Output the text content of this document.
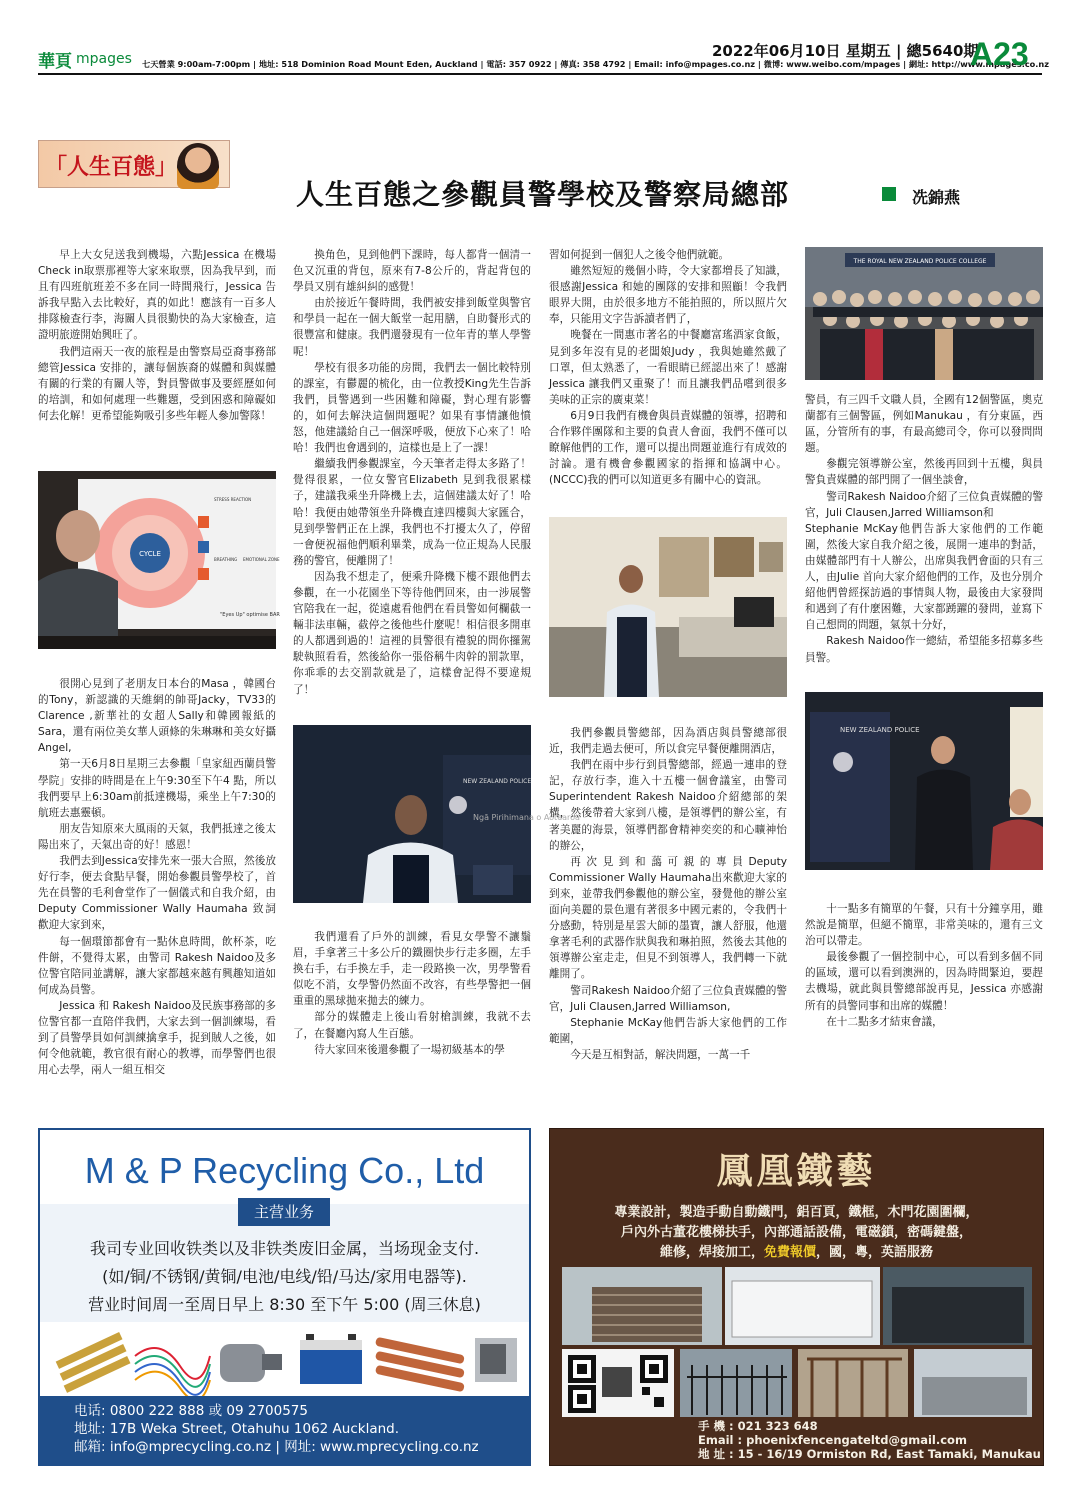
華頁 mpages 七天營業 9:00am-7:00pm | 地址: 518 Dominion Road Mount Eden, Auckland | 電話: 357 0922 | 傳真: 358 4792 | Email: info@mpages.co.nz | 微博: www.weibo.com/mpages | 網址: http://www.mpages.co.nz
2022年06月10日 星期五 | 總5640期
A23
「人生百態」
人生百態之參觀員警學校及警察局總部	冼錦燕

早上大女兒送我到機場，六點Jessica 在機場Check in取票那裡等大家來取票，因為我早到，而且有四班航班差不多在同一時間飛行，Jessica 告訴我早點入去比較好，真的如此！應該有一百多人排隊檢查行李，海關人員很勤快的為大家檢查，這證明旅遊開始興旺了。

我們這兩天一夜的旅程是由警察局亞裔事務部總管Jessica 安排的，讓每個族裔的媒體和與媒體有關的行業的有關人等，對員警做事及要經歷如何的培訓，和如何處理一些難題，受到困惑和障礙如何去化解！更希望能夠吸引多些年輕人參加警隊！

CYCLE
STRESS REACTION
BREATHING EMOTIONAL ZONE
"Eyes Up" optimise BAR

很開心見到了老朋友日本台的Masa ，韓國台的Tony，新認識的天維網的帥哥Jacky，TV33的Clarence ,新華社的女超人Sally和韓國報紙的Sara，還有兩位美女華人頭條的朱琳琳和美女好攝Angel,

第一天6月8日星期三去參觀「皇家紐西蘭員警學院」安排的時間是在上午9:30至下午4 點，所以我們要早上6:30am前抵達機場，乘坐上午7:30的航班去惠靈頓。

朋友告知原來大風雨的天氣，我們抵達之後太陽出來了，天氣出奇的好！感恩！

我們去到Jessica安排先來一張大合照，然後放好行李，便去食點早餐，開始參觀員警學校了，首先在員警的毛利會堂作了一個儀式和自我介紹，由Deputy Commissioner Wally Haumaha 致詞歡迎大家到來，

每一個環節都會有一點休息時間，飲杯茶，吃件餅，不覺得太累，由警司 Rakesh Naidoo及多位警官陪同並講解，讓大家都越來越有興趣知道如何成為員警。

Jessica 和 Rakesh Naidoo及民族事務部的多位警官都一直陪伴我們，大家去到一個訓練場，看到了員警學員如何訓練擒拿手，捉到賊人之後，如何令他就範，教官很有耐心的教導，而學警們也很用心去學，兩人一組互相交

換角色，見到他們下課時，每人都背一個清一色又沉重的背包，原來有7-8公斤的，背起背包的學員又別有雄糾糾的感覺！

由於接近午餐時間，我們被安排到飯堂與警官和學員一起在一個大飯堂一起用膳，自助餐形式的很豐富和健康。我們還發現有一位年青的華人學警呢！

學校有很多功能的房間，我們去一個比較特別的課室，有鬱麗的梳化，由一位教授King先生告訴我們，員警遇到一些困難和障礙，對心理有影響的，如何去解決這個問題呢？如果有事情讓他憤怒，他建議給自己一個深呼吸，便放下心來了！哈哈！我們也會遇到的，這樣也是上了一課！

繼續我們參觀課室，今天筆者走得太多路了！覺得很累，一位女警官Elizabeth 見到我很累樣子，建議我乘坐升降機上去，這個建議太好了！哈哈！我便由她帶領坐升降機直達四樓與大家匯合，見到學警們正在上課，我們也不打擾太久了，停留一會便祝福他們順利畢業，成為一位正規為人民服務的警官，便離開了！

因為我不想走了，便乘升降機下樓不跟他們去參觀，在一小花園坐下等待他們回來，由一涉展警官陪我在一起，從遠處看他們在看員警如何欄截一輛非法車輛，截停之後他些什麼呢！相信很多開車的人都遇到過的！這裡的員警很有禮貌的問你攞駕駛執照看看，然後給你一張俗稱牛肉幹的罰款單，你乖乖的去交罰款就是了，這樣會記得不要違規了！

NEW ZEALAND POLICE
Ngā Pirihimana o Aotearoa

我們還看了戶外的訓練，看見女學警不讓鬚眉，手拿著三十多公斤的鐵圈快步行走多圈，左手換右手，右手換左手，走一段路換一次，男學警看似吃不消，女學警仍然面不改容，有些學警把一個重重的黑球拋來拋去的練力。

部分的媒體走上後山看射槍訓練，我就不去了，在餐廳內寫人生百態。

待大家回來後還參觀了一場初級基本的學

習如何捉到一個犯人之後令他們就範。

雖然短短的幾個小時，令大家都増長了知識，很感謝Jessica 和她的團隊的安排和照顧！令我們眼界大開，由於很多地方不能拍照的，所以照片欠奉，只能用文字告訴讀者們了，

晚餐在一間惠市著名的中餐廳富瑤酒家食飯，見到多年沒有見的老闆娘Judy ，我與她雖然戴了口罩，但太熟悉了，一看眼睛已經認出來了！感謝Jessica 讓我們又重聚了！而且讓我們品嚐到很多美味的正宗的廣東菜！

6月9日我們有機會與員責媒體的領導，招聘和合作夥伴團隊和主要的負責人會面，我們不僅可以瞭解他們的工作，還可以提出問題並進行有成效的討論。還有機會參觀國家的指揮和協調中心。(NCCC)我的們可以知道更多有關中心的資訊。

我們參觀員警總部，因為酒店與員警總部很近，我們走過去便可，所以食完早餐便離開酒店，

我們在雨中步行到員警總部，經過一連串的登記，存放行李，進入十五樓一個會議室，由警司Superintendent Rakesh Naidoo介紹總部的架構，然後帶着大家到八樓，是領導們的辦公室，有著美麗的海景，領導們都會精神奕奕的和心曠神怡的辦公，

再次見到和藹可親的專員Deputy Commissioner Wally Haumaha出來歡迎大家的到來，並帶我們參觀他的辦公室，發覺他的辦公室面向美麗的景色還有著很多中國元素的，令我們十分感動，特別是星雲大師的墨寶，讓人舒服，他還拿著毛利的武器作狀與我和琳拍照，然後去其他的領導辦公室走走，但見不到領導人，我們轉一下就離開了。

警司Rakesh Naidoo介紹了三位負責媒體的警官，Juli Clausen,Jarred Williamson,

Stephanie McKay他們告訴大家他們的工作範圍，

今天是互相對話，解決問題，一萬一千

THE ROYAL NEW ZEALAND POLICE COLLEGE

警員，有三四千文職人員，全國有12個警區，奧克蘭都有三個警區，例如Manukau ，有分東區，西區，分管所有的事，有最高總司令，你可以發問問題。

參觀完領導辦公室，然後再回到十五樓，與員警負責媒體的部門開了一個坐談會，

警司Rakesh Naidoo介紹了三位負責媒體的警官，Juli Clausen,Jarred Williamson和

Stephanie McKay他們告訴大家他們的工作範圍，然後大家自我介紹之後，展開一連串的對話，由媒體部門有十人辦公，出席與我們會面的只有三人，由Julie 首向大家介紹他們的工作，及也分別介紹他們曾經探訪過的事情與人物，最後由大家發問和遇到了有什麼困難，大家都踴躍的發問，並寫下自己想問的問題，氣氛十分好，

Rakesh Naidoo作一總結，希望能多招募多些員警。

NEW ZEALAND POLICE

十一點多有簡單的午餐，只有十分鐘享用，雖然說是簡單，但絕不簡單，非常美味的，還有三文治可以帶走。

最後參觀了一個控制中心，可以看到多個不同的區域，還可以看到澳洲的，因為時間緊迫，要趕去機場，就此與員警總部說再見，Jessica 亦感謝所有的員警同事和出席的媒體！

在十二點多才結束會議，

M & P Recycling Co., Ltd
我司专业回收铁类以及非铁类废旧金属，当场现金支付.
(如/铜/不锈钢/黄铜/电池/电线/铅/马达/家用电器等).
营业时间周一至周日早上 8:30 至下午 5:00 (周三休息)
主营业务
电话: 0800 222 888 或 09 2700575
地址: 17B Weka Street, Otahuhu 1062 Auckland.
邮箱: info@mprecycling.co.nz | 网址: www.mprecycling.co.nz
鳳凰鐵藝
專業設計，製造手動自動鐵門，鋁百頁，鐵框，木門花園圍欄，
戶內外古董花樓梯扶手，內部通話設備，電磁鎖，密碼鍵盤，
維修，焊接加工，免費報價，國，粵，英語服務
手 機 : 021 323 648
Email : phoenixfencengateltd@gmail.com
地 址 : 15 - 16/19 Ormiston Rd, East Tamaki, Manukau
